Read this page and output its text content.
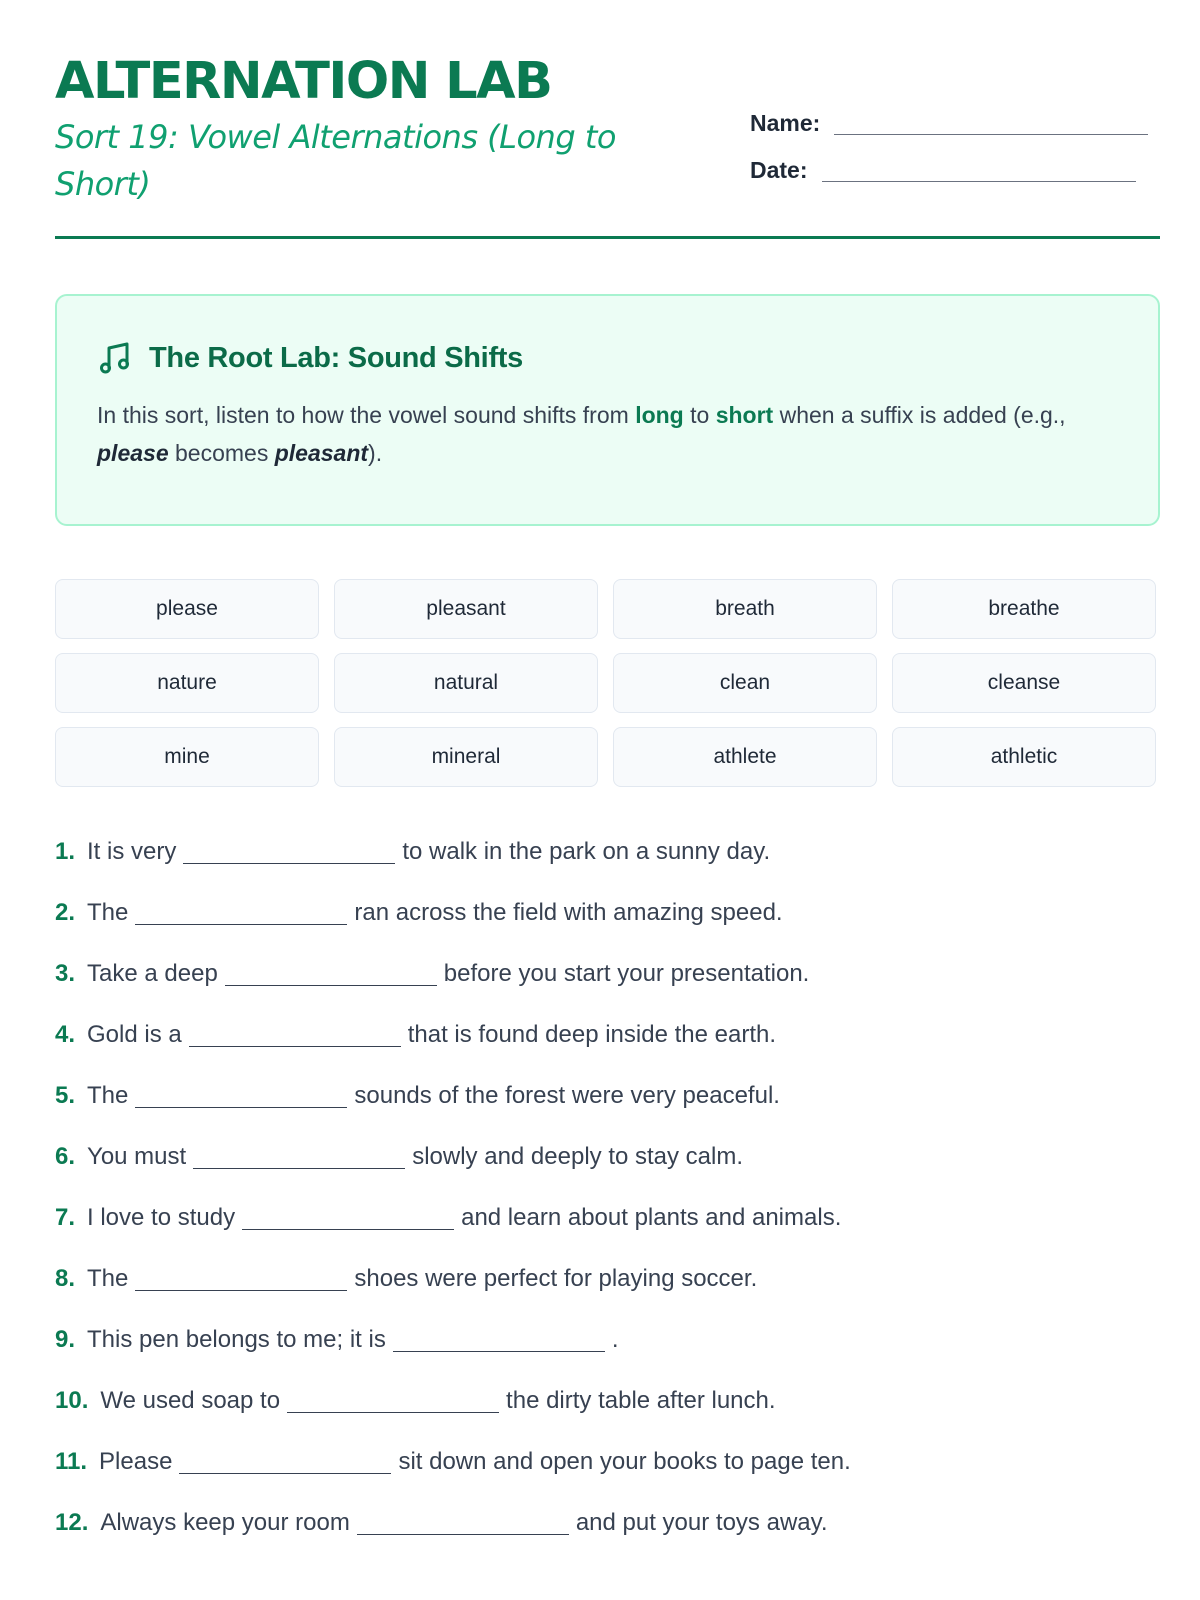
ALTERNATION LAB
Sort 19: Vowel Alternations (Long to Short)
Name:
Date:
The Root Lab: Sound Shifts
In this sort, listen to how the vowel sound shifts from long to short when a suffix is added (e.g., please becomes pleasant).
please	pleasant	breath	breathe
nature	natural	clean	cleanse
mine	mineral	athlete	athletic
1. It is very	to walk in the park on a sunny day.
2. The	ran across the field with amazing speed.
3. Take a deep	before you start your presentation.
4. Gold is a	that is found deep inside the earth.
5. The	sounds of the forest were very peaceful.
6. You must	slowly and deeply to stay calm.
7. I love to study	and learn about plants and animals.
8. The	shoes were perfect for playing soccer.
9. This pen belongs to me; it is	.
10. We used soap to	the dirty table after lunch.
11. Please	sit down and open your books to page ten.
12. Always keep your room	and put your toys away.
